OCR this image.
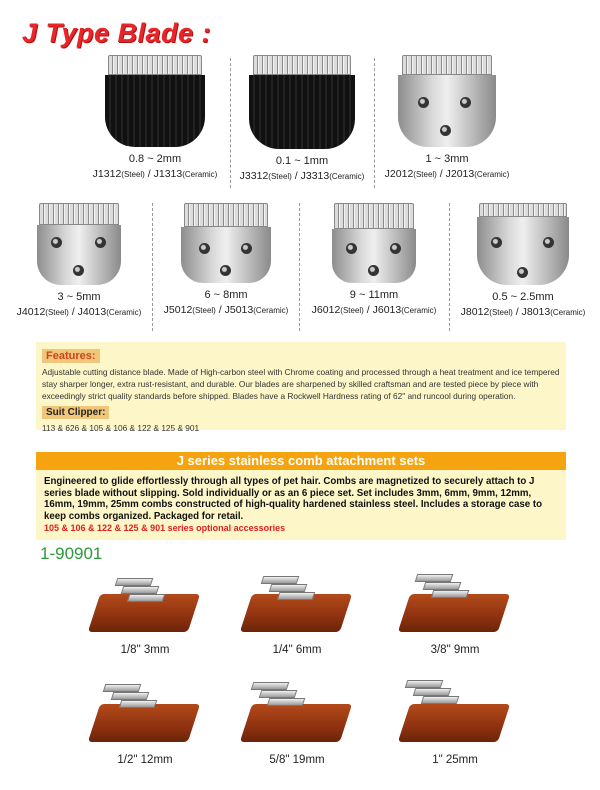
J Type Blade :
0.8 ~ 2mm
J1312(Steel) / J1313(Ceramic)
0.1 ~ 1mm
J3312(Steel) / J3313(Ceramic)
1 ~ 3mm
J2012(Steel) / J2013(Ceramic)
3 ~ 5mm
J4012(Steel) / J4013(Ceramic)
6 ~ 8mm
J5012(Steel) / J5013(Ceramic)
9 ~ 11mm
J6012(Steel) / J6013(Ceramic)
0.5 ~ 2.5mm
J8012(Steel) / J8013(Ceramic)
Features:
Adjustable cutting distance blade. Made of High-carbon steel with Chrome coating and processed through a heat treatment and ice tempered stay sharper longer, extra rust-resistant, and durable. Our blades are sharpened by skilled craftsman and are tested piece by piece with exceedingly strict quality standards before shipped. Blades have a Rockwell Hardness rating of 62" and runcool during operation.
Suit Clipper:
113 & 626 & 105 & 106 & 122 & 125 & 901
J series stainless comb attachment sets
Engineered to glide effortlessly through all types of pet hair. Combs are magnetized to securely attach to J series blade without slipping. Sold individually or as an 6 piece set. Set includes 3mm, 6mm, 9mm, 12mm, 16mm, 19mm, 25mm combs constructed of high-quality hardened stainless steel. Includes a storage case to keep combs organized. Packaged for retail.
105 & 106 & 122 & 125 & 901 series optional accessories
1-90901
1/8" 3mm	1/4" 6mm	3/8" 9mm
1/2" 12mm	5/8" 19mm	1" 25mm
